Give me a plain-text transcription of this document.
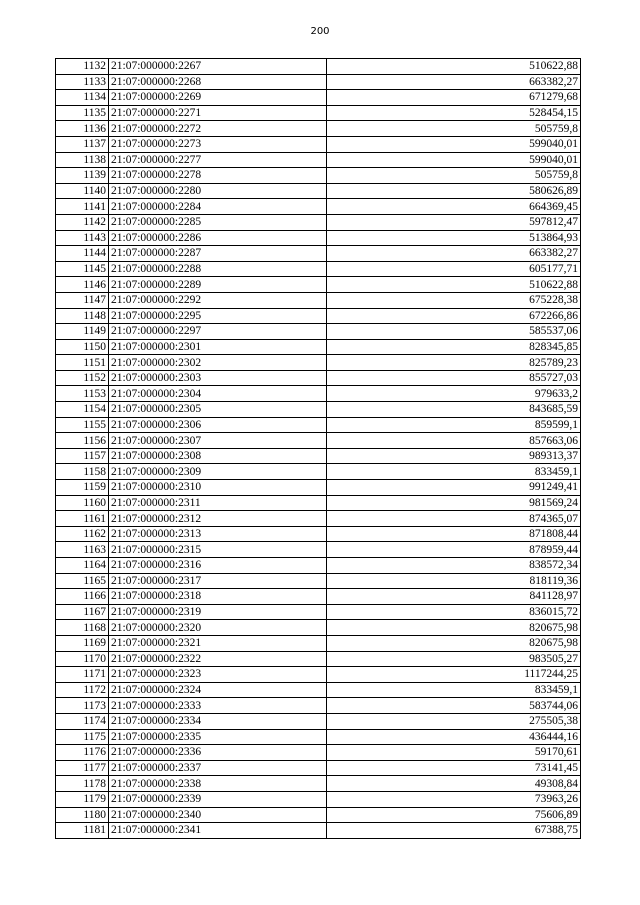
200
1132	21:07:000000:2267	510622,88
1133	21:07:000000:2268	663382,27
1134	21:07:000000:2269	671279,68
1135	21:07:000000:2271	528454,15
1136	21:07:000000:2272	505759,8
1137	21:07:000000:2273	599040,01
1138	21:07:000000:2277	599040,01
1139	21:07:000000:2278	505759,8
1140	21:07:000000:2280	580626,89
1141	21:07:000000:2284	664369,45
1142	21:07:000000:2285	597812,47
1143	21:07:000000:2286	513864,93
1144	21:07:000000:2287	663382,27
1145	21:07:000000:2288	605177,71
1146	21:07:000000:2289	510622,88
1147	21:07:000000:2292	675228,38
1148	21:07:000000:2295	672266,86
1149	21:07:000000:2297	585537,06
1150	21:07:000000:2301	828345,85
1151	21:07:000000:2302	825789,23
1152	21:07:000000:2303	855727,03
1153	21:07:000000:2304	979633,2
1154	21:07:000000:2305	843685,59
1155	21:07:000000:2306	859599,1
1156	21:07:000000:2307	857663,06
1157	21:07:000000:2308	989313,37
1158	21:07:000000:2309	833459,1
1159	21:07:000000:2310	991249,41
1160	21:07:000000:2311	981569,24
1161	21:07:000000:2312	874365,07
1162	21:07:000000:2313	871808,44
1163	21:07:000000:2315	878959,44
1164	21:07:000000:2316	838572,34
1165	21:07:000000:2317	818119,36
1166	21:07:000000:2318	841128,97
1167	21:07:000000:2319	836015,72
1168	21:07:000000:2320	820675,98
1169	21:07:000000:2321	820675,98
1170	21:07:000000:2322	983505,27
1171	21:07:000000:2323	1117244,25
1172	21:07:000000:2324	833459,1
1173	21:07:000000:2333	583744,06
1174	21:07:000000:2334	275505,38
1175	21:07:000000:2335	436444,16
1176	21:07:000000:2336	59170,61
1177	21:07:000000:2337	73141,45
1178	21:07:000000:2338	49308,84
1179	21:07:000000:2339	73963,26
1180	21:07:000000:2340	75606,89
1181	21:07:000000:2341	67388,75
